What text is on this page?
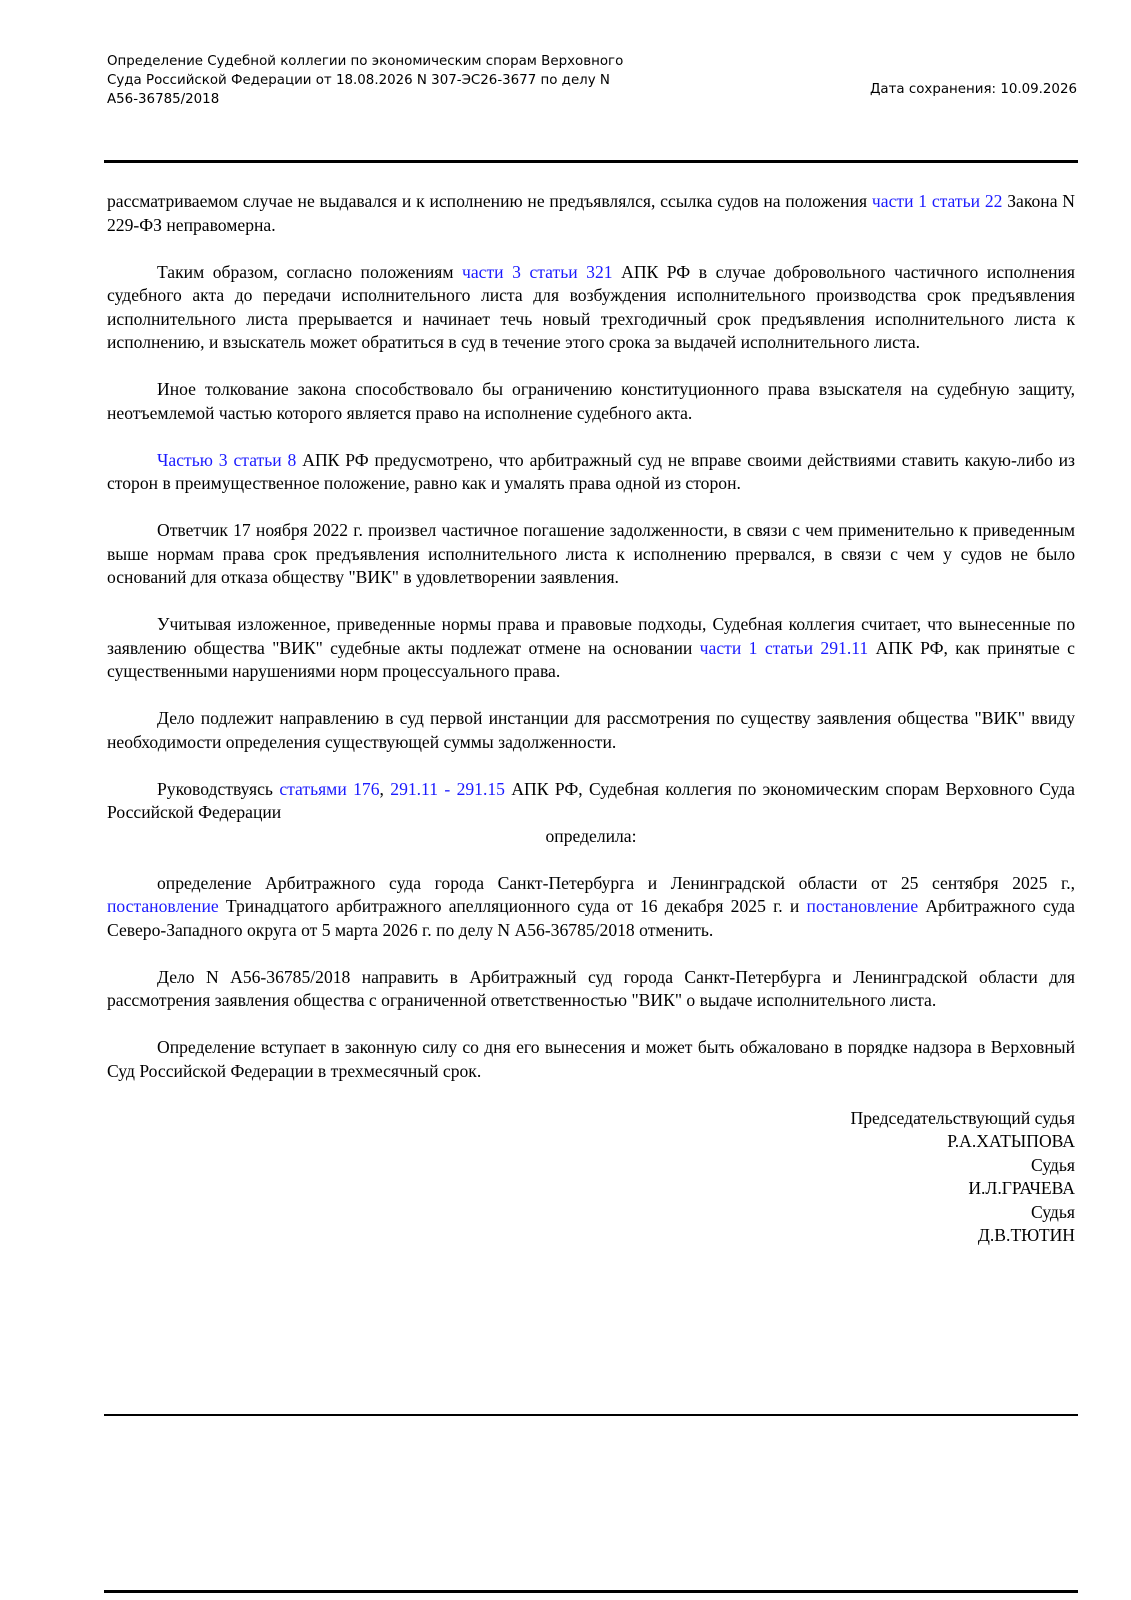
Определение Судебной коллегии по экономическим спорам Верховного
Суда Российской Федерации от 18.08.2026 N 307-ЭС26-3677 по делу N
А56-36785/2018
Дата сохранения: 10.09.2026

рассматриваемом случае не выдавался и к исполнению не предъявлялся, ссылка судов на положения части 1 статьи 22 Закона N 229-ФЗ неправомерна.

Таким образом, согласно положениям части 3 статьи 321 АПК РФ в случае добровольного частичного исполнения судебного акта до передачи исполнительного листа для возбуждения исполнительного производства срок предъявления исполнительного листа прерывается и начинает течь новый трехгодичный срок предъявления исполнительного листа к исполнению, и взыскатель может обратиться в суд в течение этого срока за выдачей исполнительного листа.

Иное толкование закона способствовало бы ограничению конституционного права взыскателя на судебную защиту, неотъемлемой частью которого является право на исполнение судебного акта.

Частью 3 статьи 8 АПК РФ предусмотрено, что арбитражный суд не вправе своими действиями ставить какую-либо из сторон в преимущественное положение, равно как и умалять права одной из сторон.

Ответчик 17 ноября 2022 г. произвел частичное погашение задолженности, в связи с чем применительно к приведенным выше нормам права срок предъявления исполнительного листа к исполнению прервался, в связи с чем у судов не было оснований для отказа обществу "ВИК" в удовлетворении заявления.

Учитывая изложенное, приведенные нормы права и правовые подходы, Судебная коллегия считает, что вынесенные по заявлению общества "ВИК" судебные акты подлежат отмене на основании части 1 статьи 291.11 АПК РФ, как принятые с существенными нарушениями норм процессуального права.

Дело подлежит направлению в суд первой инстанции для рассмотрения по существу заявления общества "ВИК" ввиду необходимости определения существующей суммы задолженности.

Руководствуясь статьями 176, 291.11 - 291.15 АПК РФ, Судебная коллегия по экономическим спорам Верховного Суда Российской Федерации

определила:

определение Арбитражного суда города Санкт-Петербурга и Ленинградской области от 25 сентября 2025 г., постановление Тринадцатого арбитражного апелляционного суда от 16 декабря 2025 г. и постановление Арбитражного суда Северо-Западного округа от 5 марта 2026 г. по делу N А56-36785/2018 отменить.

Дело N А56-36785/2018 направить в Арбитражный суд города Санкт-Петербурга и Ленинградской области для рассмотрения заявления общества с ограниченной ответственностью "ВИК" о выдаче исполнительного листа.

Определение вступает в законную силу со дня его вынесения и может быть обжаловано в порядке надзора в Верховный Суд Российской Федерации в трехмесячный срок.

Председательствующий судья
Р.А.ХАТЫПОВА
Судья
И.Л.ГРАЧЕВА
Судья
Д.В.ТЮТИН
